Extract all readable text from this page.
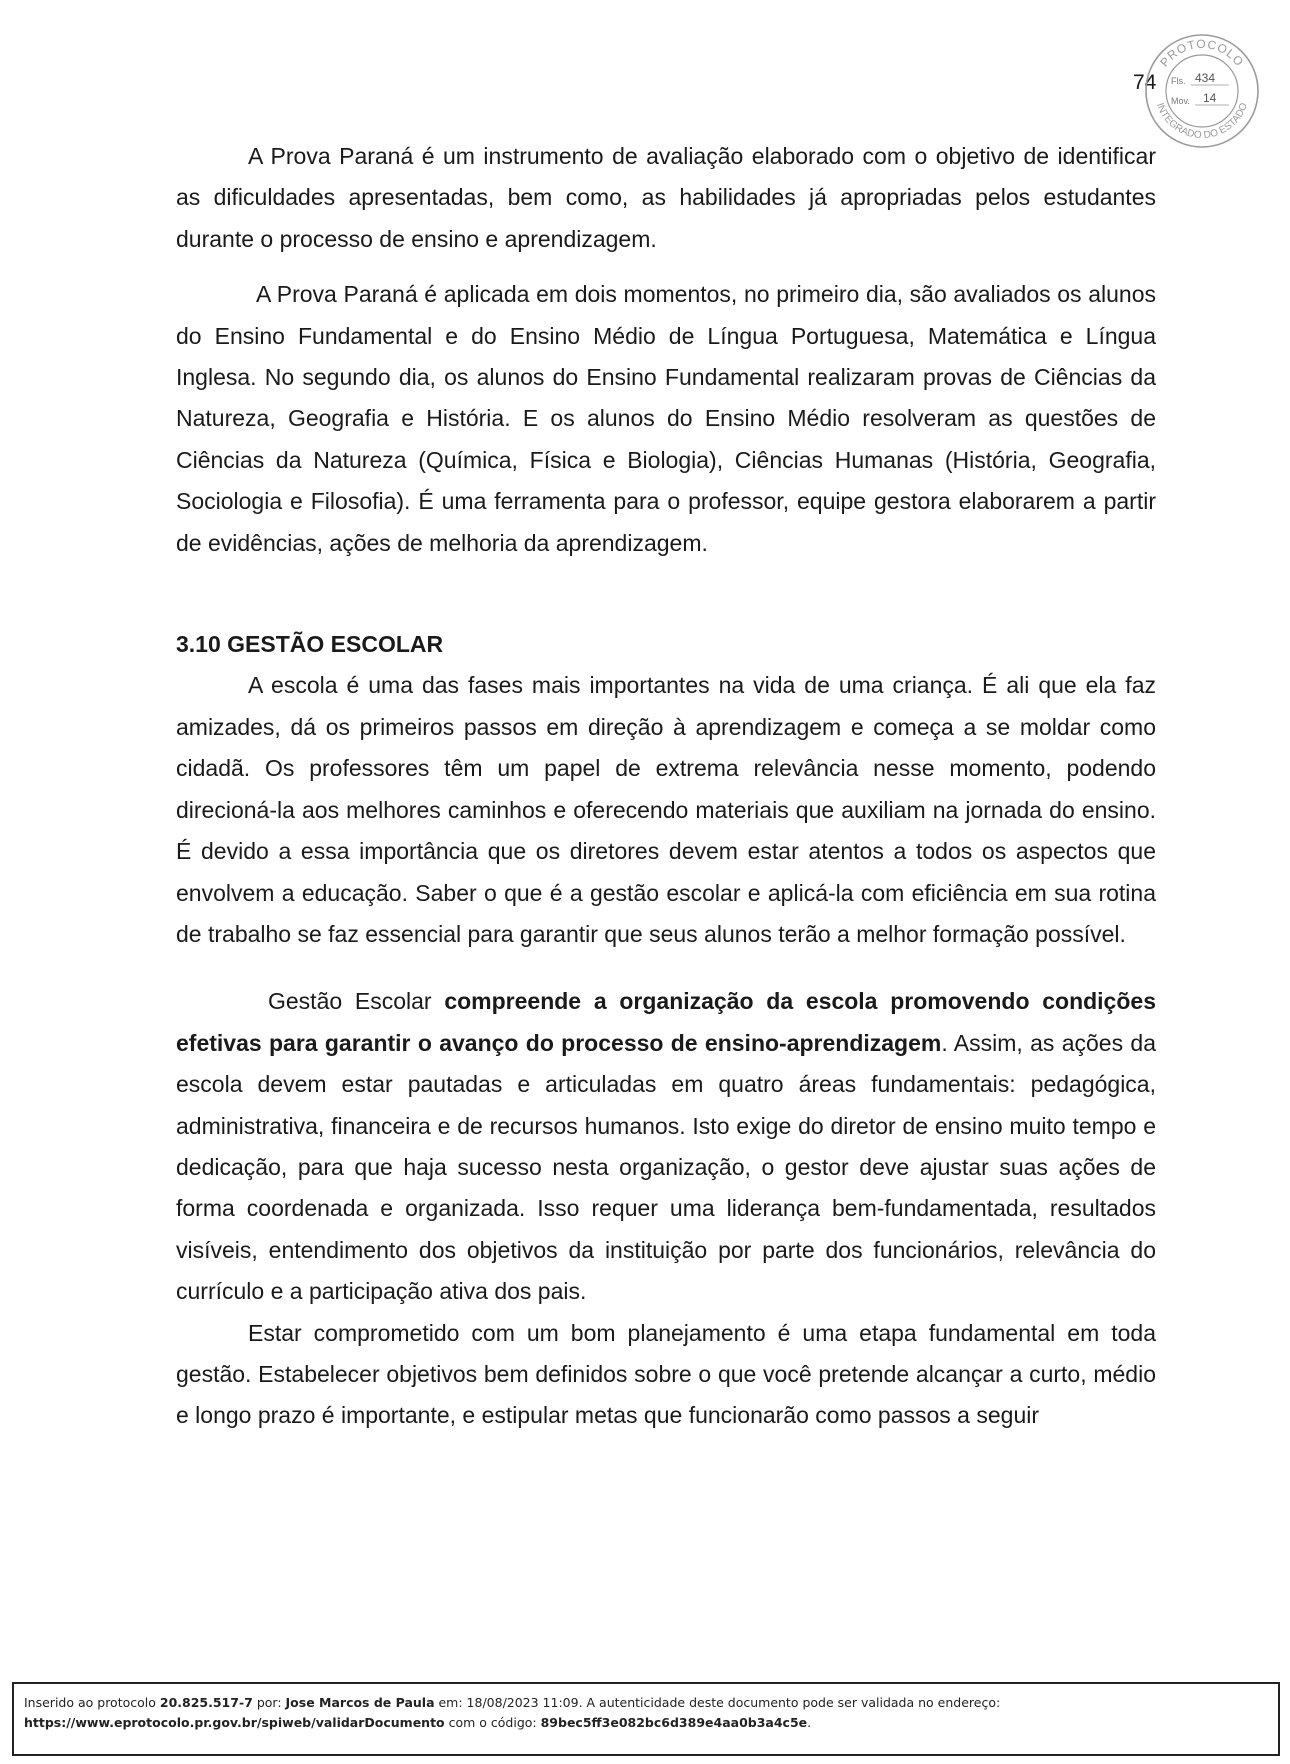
74
PROTOCOLO
INTEGRADO DO ESTADO
Fls. 434
Mov. 14

A Prova Paraná é um instrumento de avaliação elaborado com o objetivo de identificar as dificuldades apresentadas, bem como, as habilidades já apropriadas pelos estudantes durante o processo de ensino e aprendizagem.

A Prova Paraná é aplicada em dois momentos, no primeiro dia, são avaliados os alunos do Ensino Fundamental e do Ensino Médio de Língua Portuguesa, Matemática e Língua Inglesa. No segundo dia, os alunos do Ensino Fundamental realizaram provas de Ciências da Natureza, Geografia e História. E os alunos do Ensino Médio resolveram as questões de Ciências da Natureza (Química, Física e Biologia), Ciências Humanas (História, Geografia, Sociologia e Filosofia). É uma ferramenta para o professor, equipe gestora elaborarem a partir de evidências, ações de melhoria da aprendizagem.

3.10 GESTÃO ESCOLAR

A escola é uma das fases mais importantes na vida de uma criança. É ali que ela faz amizades, dá os primeiros passos em direção à aprendizagem e começa a se moldar como cidadã. Os professores têm um papel de extrema relevância nesse momento, podendo direcioná-la aos melhores caminhos e oferecendo materiais que auxiliam na jornada do ensino. É devido a essa importância que os diretores devem estar atentos a todos os aspectos que envolvem a educação. Saber o que é a gestão escolar e aplicá-la com eficiência em sua rotina de trabalho se faz essencial para garantir que seus alunos terão a melhor formação possível.

Gestão Escolar compreende a organização da escola promovendo condições efetivas para garantir o avanço do processo de ensino-aprendizagem. Assim, as ações da escola devem estar pautadas e articuladas em quatro áreas fundamentais: pedagógica, administrativa, financeira e de recursos humanos. Isto exige do diretor de ensino muito tempo e dedicação, para que haja sucesso nesta organização, o gestor deve ajustar suas ações de forma coordenada e organizada. Isso requer uma liderança bem-fundamentada, resultados visíveis, entendimento dos objetivos da instituição por parte dos funcionários, relevância do currículo e a participação ativa dos pais.

Estar comprometido com um bom planejamento é uma etapa fundamental em toda gestão. Estabelecer objetivos bem definidos sobre o que você pretende alcançar a curto, médio e longo prazo é importante, e estipular metas que funcionarão como passos a seguir

Inserido ao protocolo 20.825.517-7 por: Jose Marcos de Paula em: 18/08/2023 11:09. A autenticidade deste documento pode ser validada no endereço:
https://www.eprotocolo.pr.gov.br/spiweb/validarDocumento com o código: 89bec5ff3e082bc6d389e4aa0b3a4c5e.
